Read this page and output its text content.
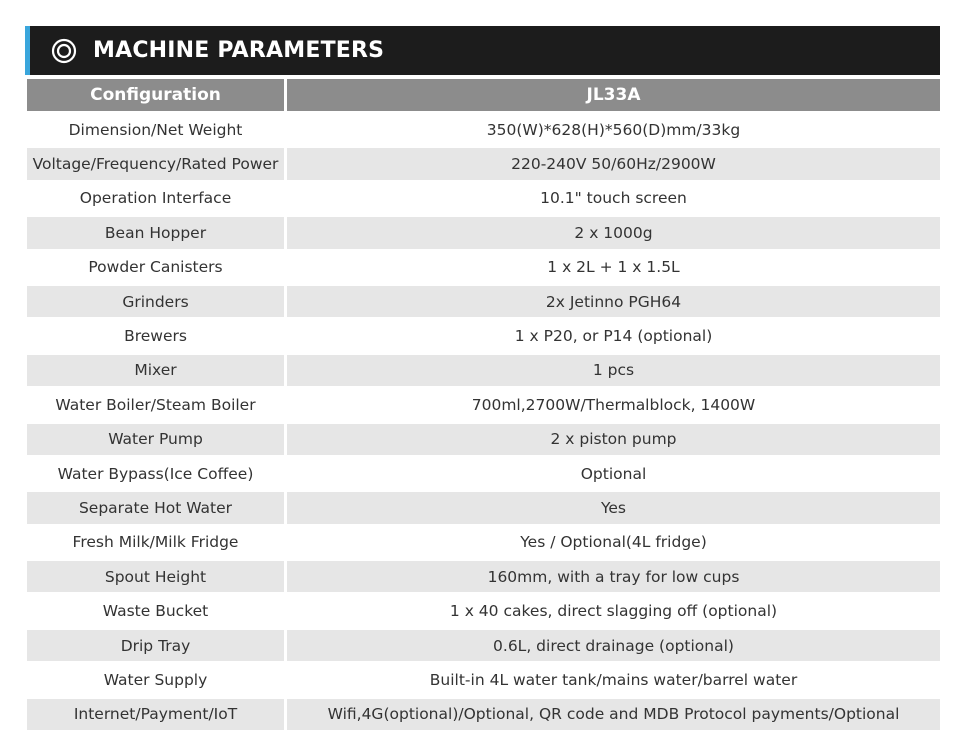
MACHINE PARAMETERS
Configuration	JL33A
Dimension/Net Weight	350(W)*628(H)*560(D)mm/33kg
Voltage/Frequency/Rated Power	220-240V 50/60Hz/2900W
Operation Interface	10.1" touch screen
Bean Hopper	2 x 1000g
Powder Canisters	1 x 2L + 1 x 1.5L
Grinders	2x Jetinno PGH64
Brewers	1 x P20, or P14 (optional)
Mixer	1 pcs
Water Boiler/Steam Boiler	700ml,2700W/Thermalblock, 1400W
Water Pump	2 x piston pump
Water Bypass(Ice Coffee)	Optional
Separate Hot Water	Yes
Fresh Milk/Milk Fridge	Yes / Optional(4L fridge)
Spout Height	160mm, with a tray for low cups
Waste Bucket	1 x 40 cakes, direct slagging off (optional)
Drip Tray	0.6L, direct drainage (optional)
Water Supply	Built-in 4L water tank/mains water/barrel water
Internet/Payment/IoT	Wifi,4G(optional)/Optional, QR code and MDB Protocol payments/Optional
